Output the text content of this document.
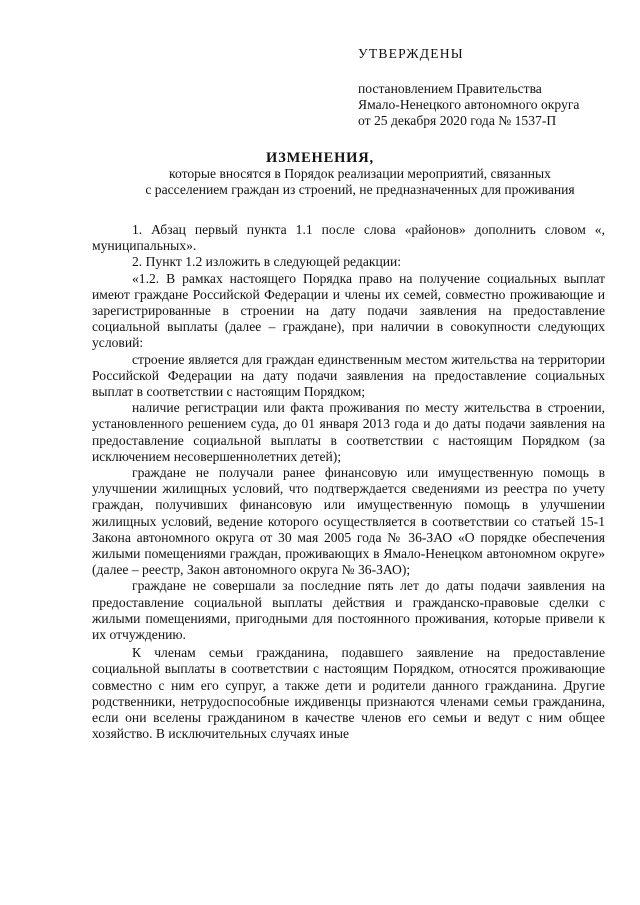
УТВЕРЖДЕНЫ
постановлением Правительства
Ямало-Ненецкого автономного округа
от 25 декабря 2020 года № 1537-П
ИЗМЕНЕНИЯ,
которые вносятся в Порядок реализации мероприятий, связанных
с расселением граждан из строений, не предназначенных для проживания

1. Абзац первый пункта 1.1 после слова «районов» дополнить словом «, муниципальных».

2. Пункт 1.2 изложить в следующей редакции:

«1.2. В рамках настоящего Порядка право на получение социальных выплат имеют граждане Российской Федерации и члены их семей, совместно проживающие и зарегистрированные в строении на дату подачи заявления на предоставление социальной выплаты (далее – граждане), при наличии в совокупности следующих условий:

строение является для граждан единственным местом жительства на территории Российской Федерации на дату подачи заявления на предоставление социальных выплат в соответствии с настоящим Порядком;

наличие регистрации или факта проживания по месту жительства в строении, установленного решением суда, до 01 января 2013 года и до даты подачи заявления на предоставление социальной выплаты в соответствии с настоящим Порядком (за исключением несовершеннолетних детей);

граждане не получали ранее финансовую или имущественную помощь в улучшении жилищных условий, что подтверждается сведениями из реестра по учету граждан, получивших финансовую или имущественную помощь в улучшении жилищных условий, ведение которого осуществляется в соответствии со статьей 15-1 Закона автономного округа от 30 мая 2005 года № 36-ЗАО «О порядке обеспечения жилыми помещениями граждан, проживающих в Ямало-Ненецком автономном округе» (далее – реестр, Закон автономного округа № 36-ЗАО);

граждане не совершали за последние пять лет до даты подачи заявления на предоставление социальной выплаты действия и гражданско-правовые сделки с жилыми помещениями, пригодными для постоянного проживания, которые привели к их отчуждению.

К членам семьи гражданина, подавшего заявление на предоставление социальной выплаты в соответствии с настоящим Порядком, относятся проживающие совместно с ним его супруг, а также дети и родители данного гражданина. Другие родственники, нетрудоспособные иждивенцы признаются членами семьи гражданина, если они вселены гражданином в качестве членов его семьи и ведут с ним общее хозяйство. В исключительных случаях иные
